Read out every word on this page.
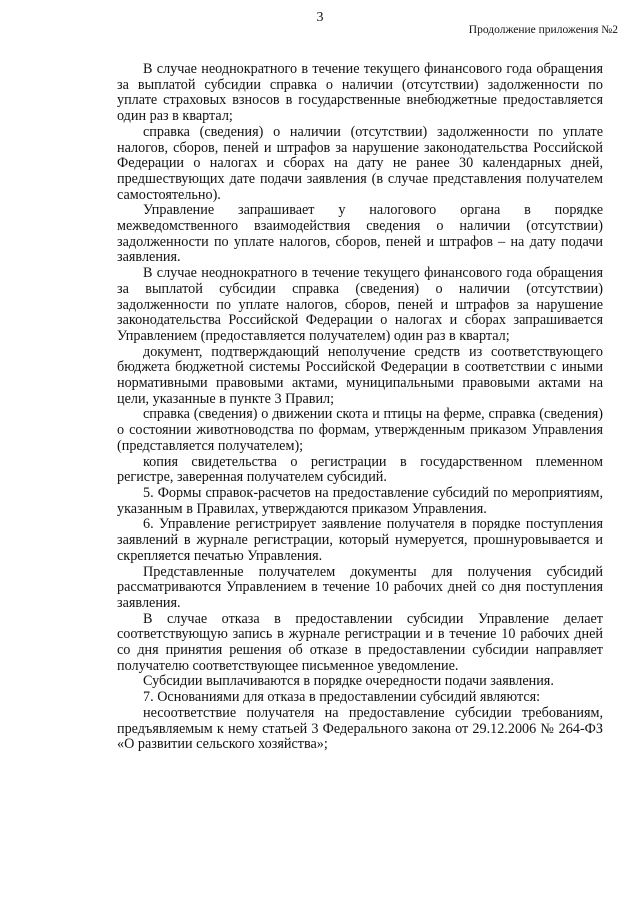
3
Продолжение приложения №2

В случае неоднократного в течение текущего финансового года обращения за выплатой субсидии справка о наличии (отсутствии) задолженности по уплате страховых взносов в государственные внебюджетные предоставляется один раз в квартал;

справка (сведения) о наличии (отсутствии) задолженности по уплате налогов, сборов, пеней и штрафов за нарушение законодательства Российской Федерации о налогах и сборах на дату не ранее 30 календарных дней, предшествующих дате подачи заявления (в случае представления получателем самостоятельно).

Управление запрашивает у налогового органа в порядке межведомственного взаимодействия сведения о наличии (отсутствии) задолженности по уплате налогов, сборов, пеней и штрафов – на дату подачи заявления.

В случае неоднократного в течение текущего финансового года обращения за выплатой субсидии справка (сведения) о наличии (отсутствии) задолженности по уплате налогов, сборов, пеней и штрафов за нарушение законодательства Российской Федерации о налогах и сборах запрашивается Управлением (предоставляется получателем) один раз в квартал;

документ, подтверждающий неполучение средств из соответствующего бюджета бюджетной системы Российской Федерации в соответствии с иными нормативными правовыми актами, муниципальными правовыми актами на цели, указанные в пункте 3 Правил;

справка (сведения) о движении скота и птицы на ферме, справка (сведения) о состоянии животноводства по формам, утвержденным приказом Управления (представляется получателем);

копия свидетельства о регистрации в государственном племенном регистре, заверенная получателем субсидий.

5. Формы справок-расчетов на предоставление субсидий по мероприятиям, указанным в Правилах, утверждаются приказом Управления.

6. Управление регистрирует заявление получателя в порядке поступления заявлений в журнале регистрации, который нумеруется, прошнуровывается и скрепляется печатью Управления.

Представленные получателем документы для получения субсидий рассматриваются Управлением в течение 10 рабочих дней со дня поступления заявления.

В случае отказа в предоставлении субсидии Управление делает соответствующую запись в журнале регистрации и в течение 10 рабочих дней со дня принятия решения об отказе в предоставлении субсидии направляет получателю соответствующее письменное уведомление.

Субсидии выплачиваются в порядке очередности подачи заявления.

7. Основаниями для отказа в предоставлении субсидий являются:

несоответствие получателя на предоставление субсидии требованиям, предъявляемым к нему статьей 3 Федерального закона от 29.12.2006 № 264-ФЗ «О развитии сельского хозяйства»;
